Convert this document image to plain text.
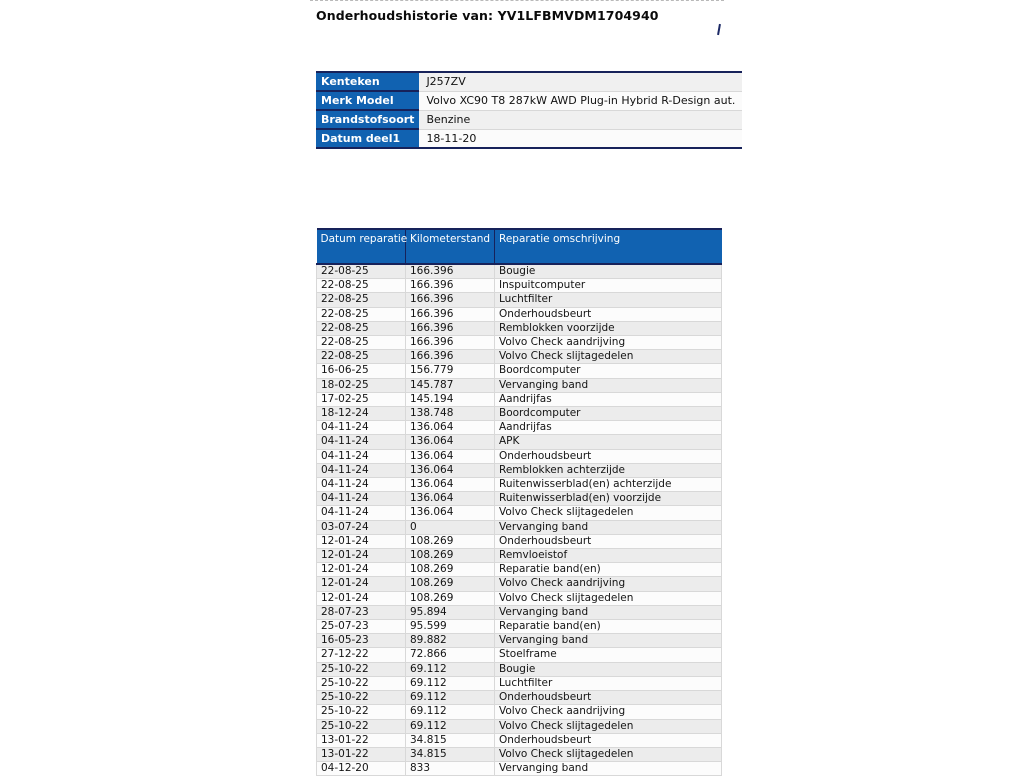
Onderhoudshistorie van: YV1LFBMVDM1704940
Kenteken	J257ZV
Merk Model	Volvo XC90 T8 287kW AWD Plug-in Hybrid R-Design aut.
Brandstofsoort	Benzine
Datum deel1	18-11-20
Datum reparatie	Kilometerstand	Reparatie omschrijving
22-08-25	166.396	Bougie
22-08-25	166.396	Inspuitcomputer
22-08-25	166.396	Luchtfilter
22-08-25	166.396	Onderhoudsbeurt
22-08-25	166.396	Remblokken voorzijde
22-08-25	166.396	Volvo Check aandrijving
22-08-25	166.396	Volvo Check slijtagedelen
16-06-25	156.779	Boordcomputer
18-02-25	145.787	Vervanging band
17-02-25	145.194	Aandrijfas
18-12-24	138.748	Boordcomputer
04-11-24	136.064	Aandrijfas
04-11-24	136.064	APK
04-11-24	136.064	Onderhoudsbeurt
04-11-24	136.064	Remblokken achterzijde
04-11-24	136.064	Ruitenwisserblad(en) achterzijde
04-11-24	136.064	Ruitenwisserblad(en) voorzijde
04-11-24	136.064	Volvo Check slijtagedelen
03-07-24	0	Vervanging band
12-01-24	108.269	Onderhoudsbeurt
12-01-24	108.269	Remvloeistof
12-01-24	108.269	Reparatie band(en)
12-01-24	108.269	Volvo Check aandrijving
12-01-24	108.269	Volvo Check slijtagedelen
28-07-23	95.894	Vervanging band
25-07-23	95.599	Reparatie band(en)
16-05-23	89.882	Vervanging band
27-12-22	72.866	Stoelframe
25-10-22	69.112	Bougie
25-10-22	69.112	Luchtfilter
25-10-22	69.112	Onderhoudsbeurt
25-10-22	69.112	Volvo Check aandrijving
25-10-22	69.112	Volvo Check slijtagedelen
13-01-22	34.815	Onderhoudsbeurt
13-01-22	34.815	Volvo Check slijtagedelen
04-12-20	833	Vervanging band
